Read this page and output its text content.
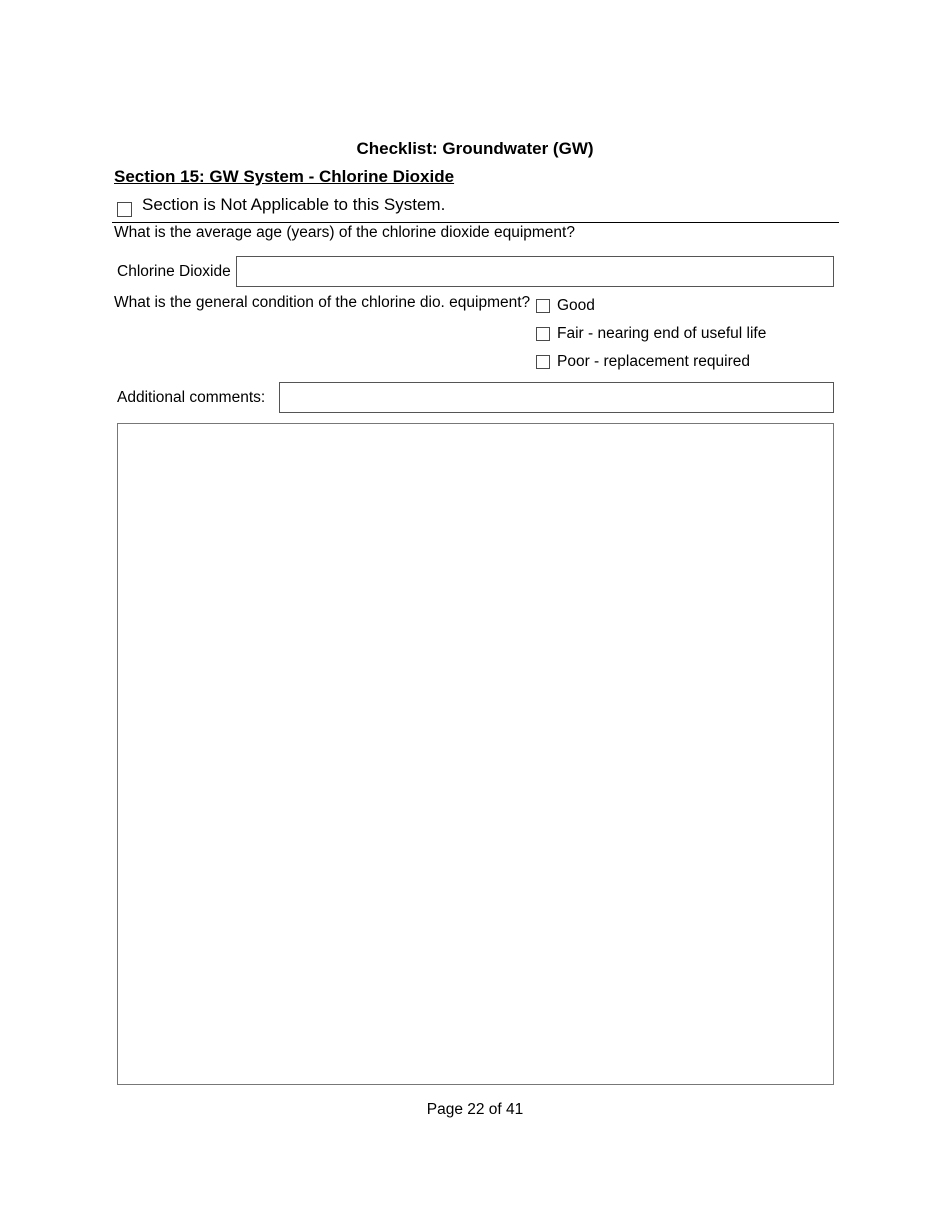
Checklist: Groundwater (GW)
Section 15: GW System - Chlorine Dioxide
Section is Not Applicable to this System.
What is the average age (years) of the chlorine dioxide equipment?
Chlorine Dioxide
What is the general condition of the chlorine dio. equipment? Good
Fair - nearing end of useful life
Poor - replacement required
Additional comments:
Page 22 of 41
